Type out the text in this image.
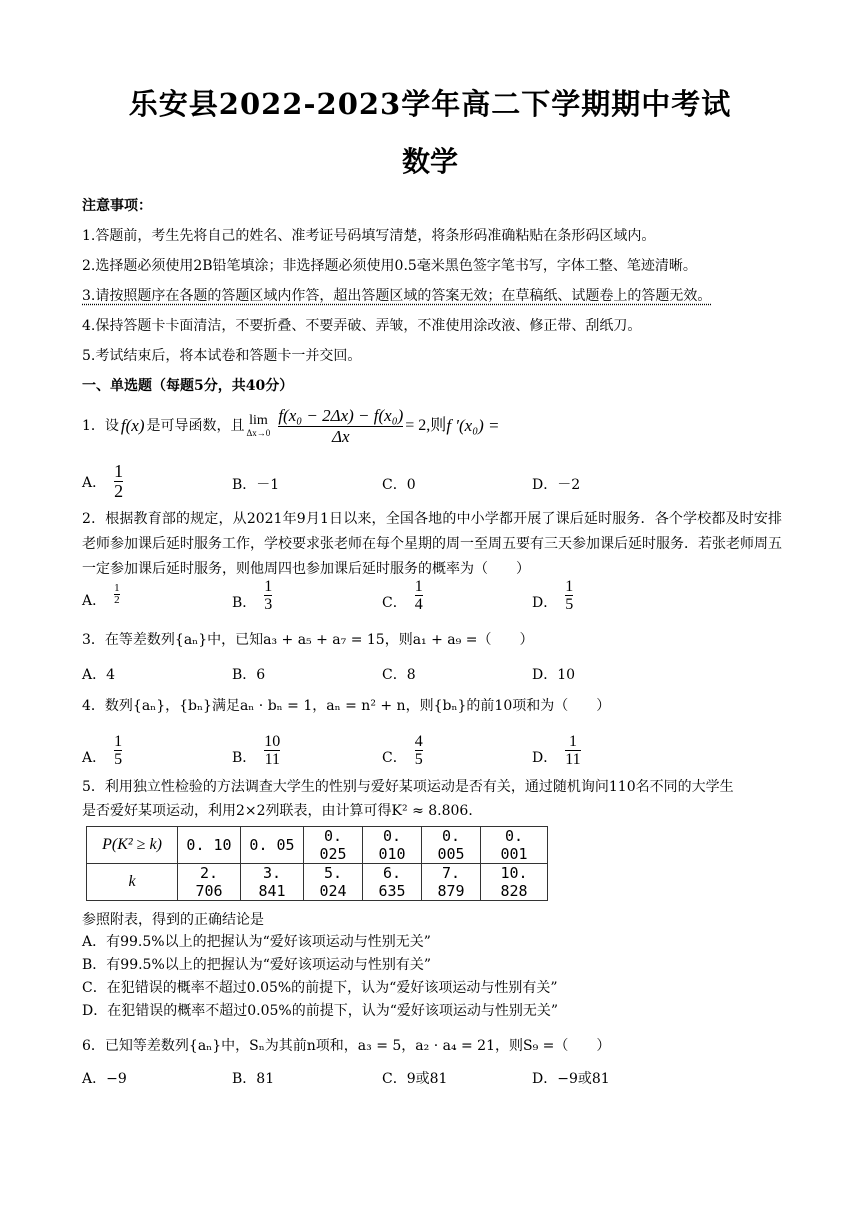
乐安县2022-2023学年高二下学期期中考试
数学
注意事项：
1.答题前，考生先将自己的姓名、准考证号码填写清楚，将条形码准确粘贴在条形码区域内。
2.选择题必须使用2B铅笔填涂；非选择题必须使用0.5毫米黑色签字笔书写，字体工整、笔迹清晰。
3.请按照题序在各题的答题区域内作答，超出答题区域的答案无效；在草稿纸、试题卷上的答题无效。
4.保持答题卡卡面清洁，不要折叠、不要弄破、弄皱，不准使用涂改液、修正带、刮纸刀。
5.考试结束后，将本试卷和答题卡一并交回。
一、单选题（每题5分，共40分）
1．设 f(x) 是可导函数，且 lim
$\Delta x\to 0 \frac{\text{f(x₀ − 2Δx) − f(x₀)}}{\Delta x} = 2$,则 f ′(x₀) =
A． $\frac{1}{2}$	B．－1	C．0	D．－2
2．根据教育部的规定，从2021年9月1日以来，全国各地的中小学都开展了课后延时服务．各个学校都及时安排老师参加课后延时服务工作，学校要求张老师在每个星期的周一至周五要有三天参加课后延时服务．若张老师周五一定参加课后延时服务，则他周四也参加课后延时服务的概率为（　　）
A． $\frac{1}{2}$	B． $\frac{1}{3}$	C． $\frac{1}{4}$	D． $\frac{1}{5}$
3．在等差数列{aₙ}中，已知a₃ + a₅ + a₇ = 15，则a₁ + a₉ =（　　）
A．4	B．6	C．8	D．10
4．数列{aₙ}，{bₙ}满足aₙ · bₙ = 1，aₙ = n² + n，则{bₙ}的前10项和为（　　）
A． $\frac{1}{5}$	B． $\frac{10}{11}$	C． $\frac{4}{5}$	D． $\frac{1}{11}$
5．利用独立性检验的方法调查大学生的性别与爱好某项运动是否有关，通过随机询问110名不同的大学生
是否爱好某项运动，利用2×2列联表，由计算可得K² ≈ 8.806．
P(K² ≥ k)	0. 10	0. 05	0. 025	0. 010	0. 005	0. 001
k	2. 706	3. 841	5. 024	6. 635	7. 879	10. 828
参照附表，得到的正确结论是
A．有99.5%以上的把握认为“爱好该项运动与性别无关”
B．有99.5%以上的把握认为“爱好该项运动与性别有关”
C．在犯错误的概率不超过0.05%的前提下，认为“爱好该项运动与性别有关”
D．在犯错误的概率不超过0.05%的前提下，认为“爱好该项运动与性别无关”
6．已知等差数列{aₙ}中，Sₙ为其前n项和，a₃ = 5，a₂ · a₄ = 21，则S₉ =（　　）
A．−9	B．81	C．9或81	D．−9或81
